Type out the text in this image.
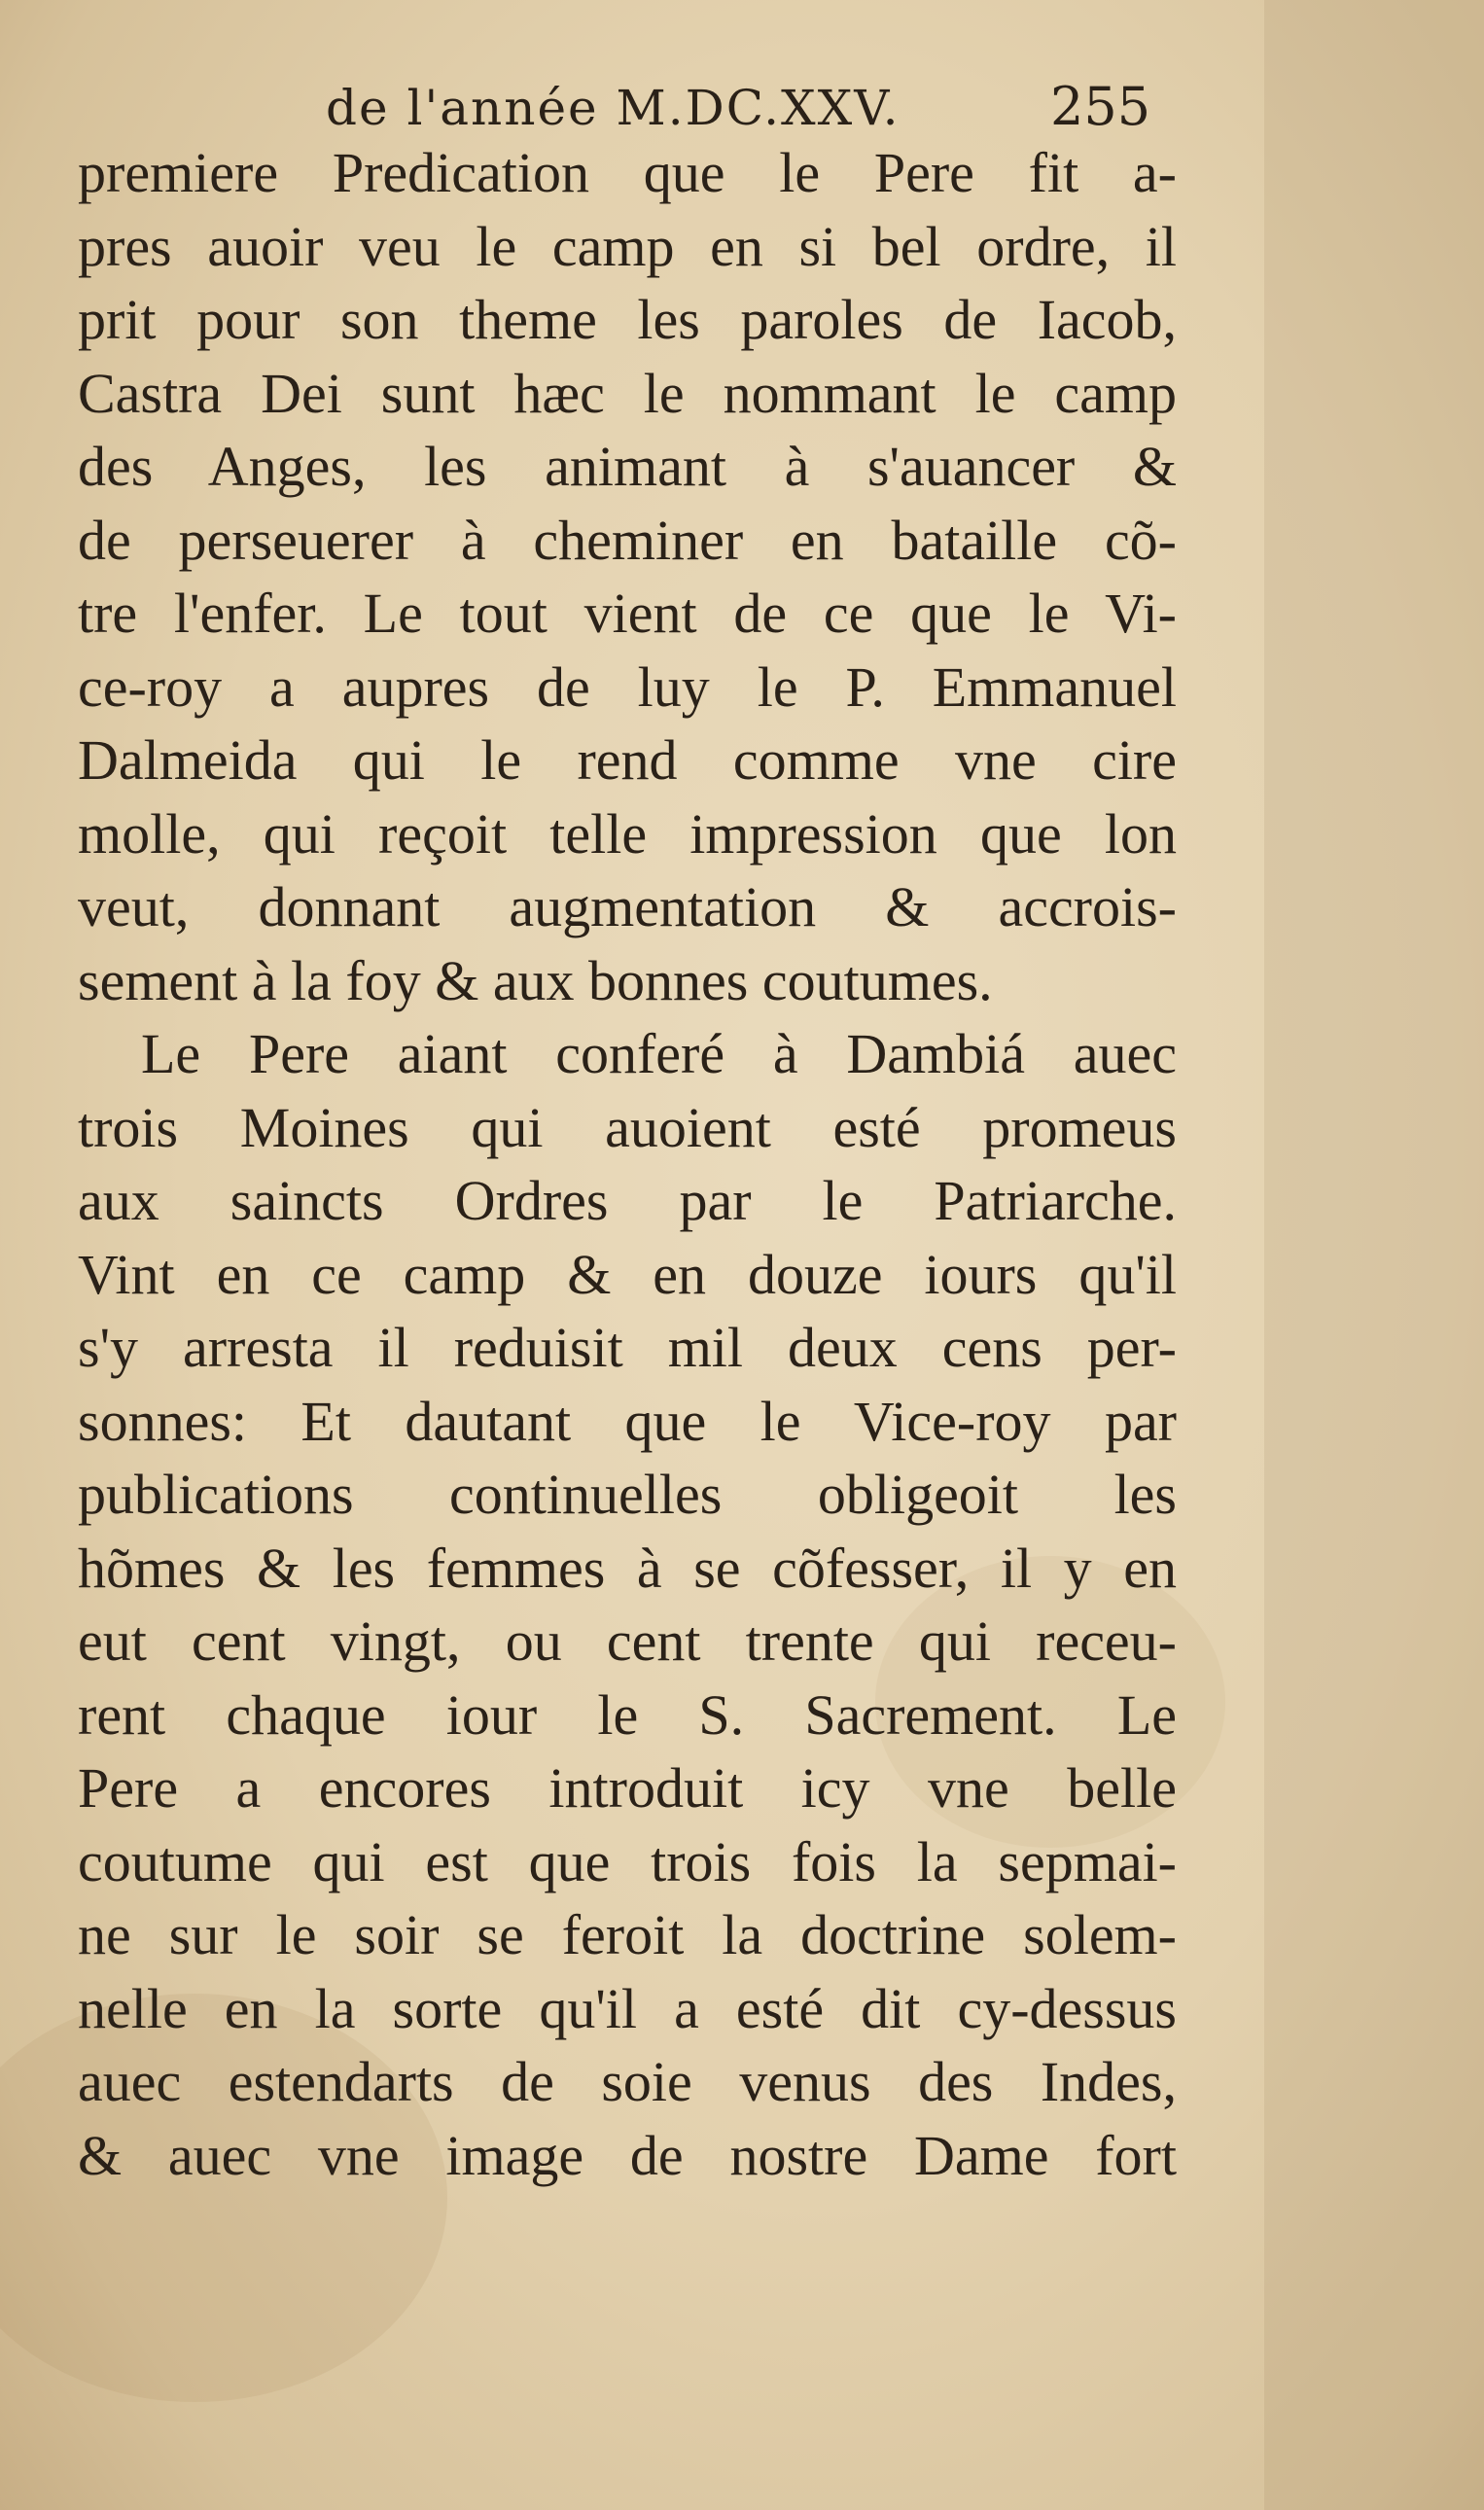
de l'année M.DC.XXV.	255
premiere Predication que le Pere fit a-
pres auoir veu le camp en si bel ordre, il
prit pour son theme les paroles de Iacob,
Castra Dei sunt hæc le nommant le camp
des Anges, les animant à s'auancer &
de perseuerer à cheminer en bataille cõ-
tre l'enfer. Le tout vient de ce que le Vi-
ce-roy a aupres de luy le P. Emmanuel
Dalmeida qui le rend comme vne cire
molle, qui reçoit telle impression que lon
veut, donnant augmentation & accrois-
sement à la foy & aux bonnes coutumes.
Le Pere aiant conferé à Dambiá auec
trois Moines qui auoient esté promeus
aux saincts Ordres par le Patriarche.
Vint en ce camp & en douze iours qu'il
s'y arresta il reduisit mil deux cens per-
sonnes: Et dautant que le Vice-roy par
publications continuelles obligeoit les
hõmes & les femmes à se cõfesser, il y en
eut cent vingt, ou cent trente qui receu-
rent chaque iour le S. Sacrement. Le
Pere a encores introduit icy vne belle
coutume qui est que trois fois la sepmai-
ne sur le soir se feroit la doctrine solem-
nelle en la sorte qu'il a esté dit cy-dessus
auec estendarts de soie venus des Indes,
& auec vne image de nostre Dame fort
